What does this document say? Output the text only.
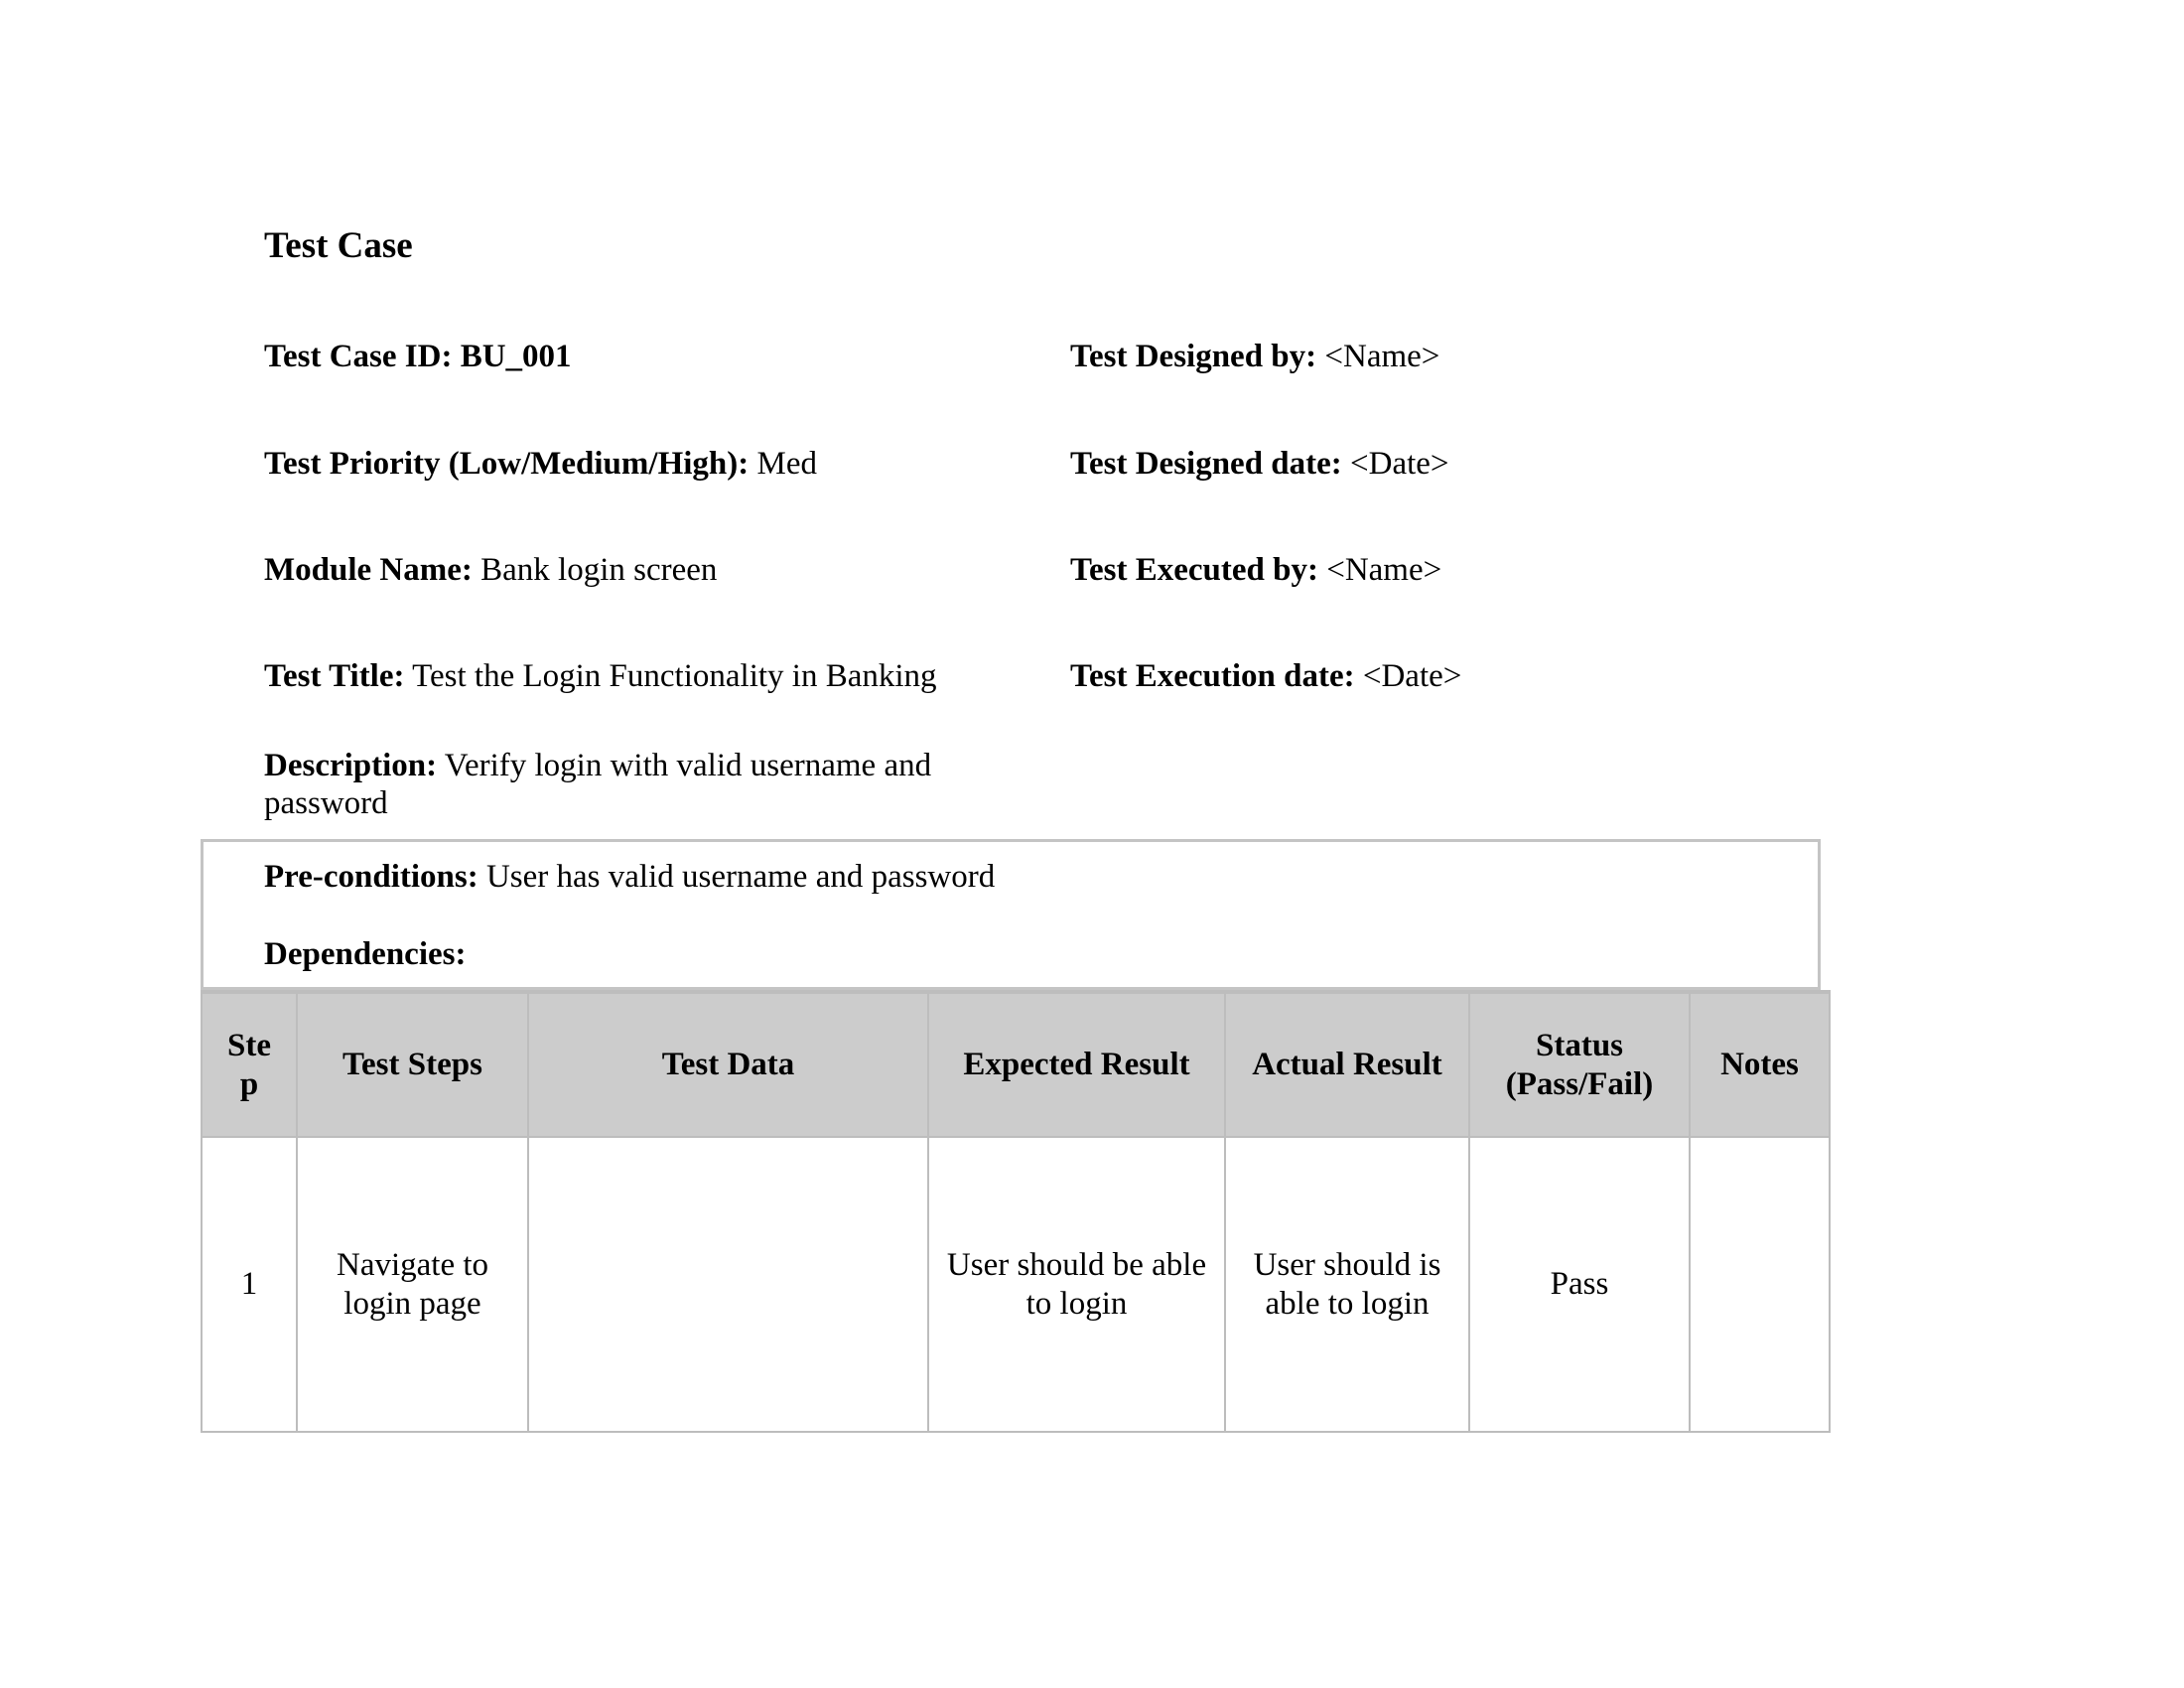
Test Case
Test Case ID: BU_001
Test Priority (Low/Medium/High): Med
Module Name: Bank login screen
Test Title: Test the Login Functionality in Banking
Description: Verify login with valid username and password
Test Designed by: <Name>
Test Designed date: <Date>
Test Executed by: <Name>
Test Execution date: <Date>
Pre-conditions: User has valid username and password
Dependencies:
Step	Test Steps	Test Data	Expected Result	Actual Result	Status (Pass/Fail)	Notes
1	Navigate to login page		User should be able to login	User should is able to login	Pass	
